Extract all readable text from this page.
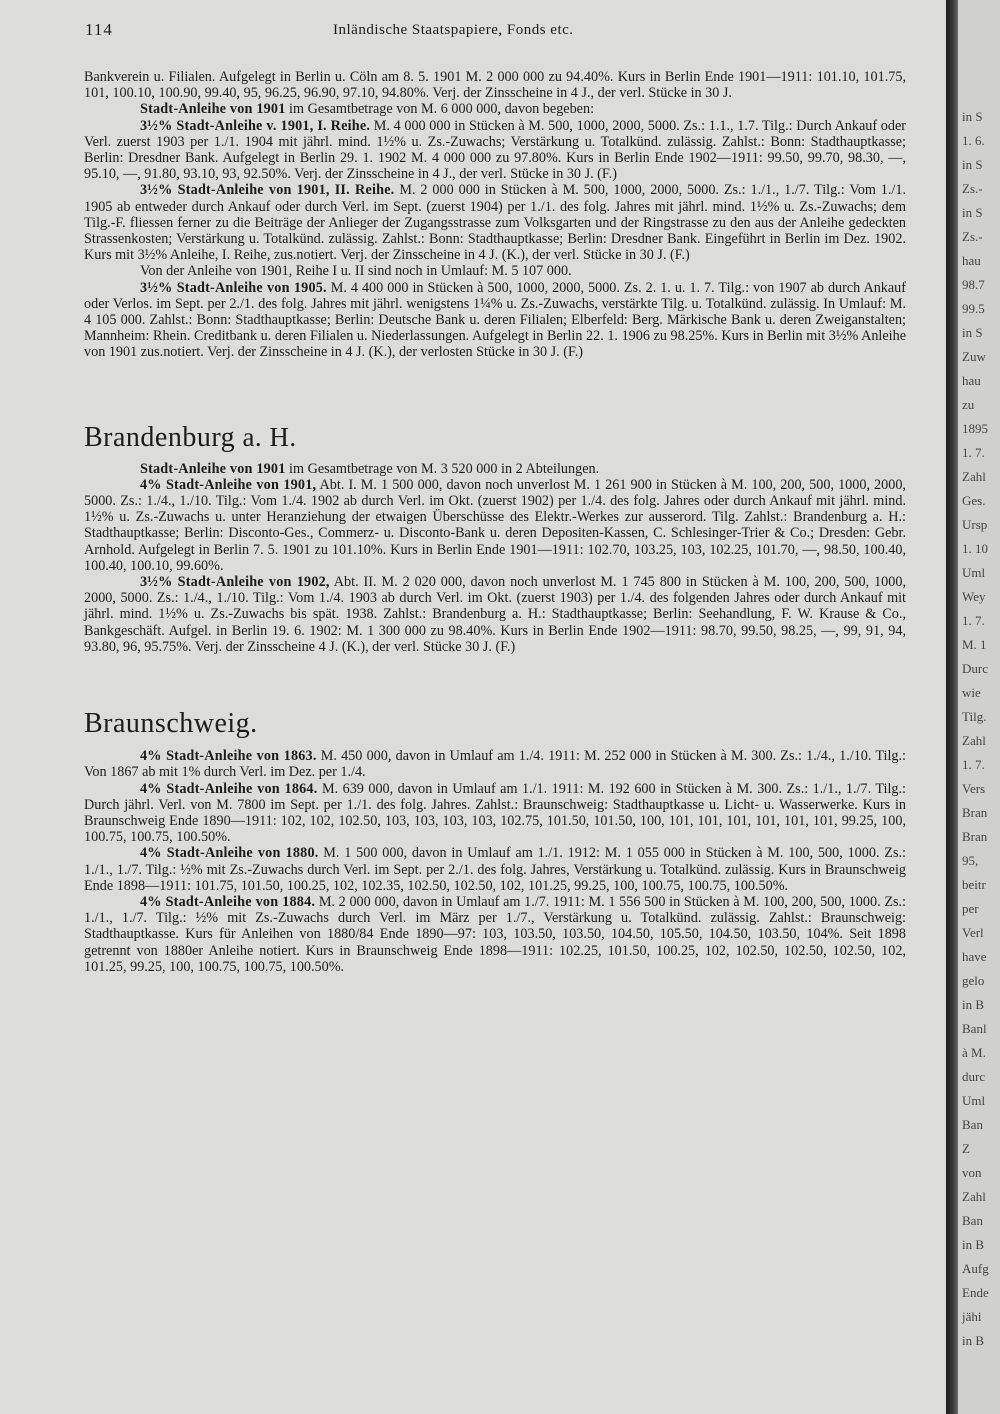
114	Inländische Staatspapiere, Fonds etc.

Bankverein u. Filialen. Aufgelegt in Berlin u. Cöln am 8. 5. 1901 M. 2 000 000 zu 94.40%. Kurs in Berlin Ende 1901—1911: 101.10, 101.75, 101, 100.10, 100.90, 99.40, 95, 96.25, 96.90, 97.10, 94.80%. Verj. der Zinsscheine in 4 J., der verl. Stücke in 30 J.

Stadt-Anleihe von 1901 im Gesamtbetrage von M. 6 000 000, davon begeben:

3½% Stadt-Anleihe v. 1901, I. Reihe. M. 4 000 000 in Stücken à M. 500, 1000, 2000, 5000. Zs.: 1.1., 1.7. Tilg.: Durch Ankauf oder Verl. zuerst 1903 per 1./1. 1904 mit jährl. mind. 1½% u. Zs.-Zuwachs; Verstärkung u. Totalkünd. zulässig. Zahlst.: Bonn: Stadthauptkasse; Berlin: Dresdner Bank. Aufgelegt in Berlin 29. 1. 1902 M. 4 000 000 zu 97.80%. Kurs in Berlin Ende 1902—1911: 99.50, 99.70, 98.30, —, 95.10, —, 91.80, 93.10, 93, 92.50%. Verj. der Zinsscheine in 4 J., der verl. Stücke in 30 J. (F.)

3½% Stadt-Anleihe von 1901, II. Reihe. M. 2 000 000 in Stücken à M. 500, 1000, 2000, 5000. Zs.: 1./1., 1./7. Tilg.: Vom 1./1. 1905 ab entweder durch Ankauf oder durch Verl. im Sept. (zuerst 1904) per 1./1. des folg. Jahres mit jährl. mind. 1½% u. Zs.-Zuwachs; dem Tilg.-F. fliessen ferner zu die Beiträge der Anlieger der Zugangsstrasse zum Volksgarten und der Ringstrasse zu den aus der Anleihe gedeckten Strassenkosten; Verstärkung u. Totalkünd. zulässig. Zahlst.: Bonn: Stadthauptkasse; Berlin: Dresdner Bank. Eingeführt in Berlin im Dez. 1902. Kurs mit 3½% Anleihe, I. Reihe, zus.notiert. Verj. der Zinsscheine in 4 J. (K.), der verl. Stücke in 30 J. (F.)

Von der Anleihe von 1901, Reihe I u. II sind noch in Umlauf: M. 5 107 000.

3½% Stadt-Anleihe von 1905. M. 4 400 000 in Stücken à 500, 1000, 2000, 5000. Zs. 2. 1. u. 1. 7. Tilg.: von 1907 ab durch Ankauf oder Verlos. im Sept. per 2./1. des folg. Jahres mit jährl. wenigstens 1¼% u. Zs.-Zuwachs, verstärkte Tilg. u. Totalkünd. zulässig. In Umlauf: M. 4 105 000. Zahlst.: Bonn: Stadthauptkasse; Berlin: Deutsche Bank u. deren Filialen; Elberfeld: Berg. Märkische Bank u. deren Zweiganstalten; Mannheim: Rhein. Creditbank u. deren Filialen u. Niederlassungen. Aufgelegt in Berlin 22. 1. 1906 zu 98.25%. Kurs in Berlin mit 3½% Anleihe von 1901 zus.notiert. Verj. der Zinsscheine in 4 J. (K.), der verlosten Stücke in 30 J. (F.)

Brandenburg a. H.

Stadt-Anleihe von 1901 im Gesamtbetrage von M. 3 520 000 in 2 Abteilungen.

4% Stadt-Anleihe von 1901, Abt. I. M. 1 500 000, davon noch unverlost M. 1 261 900 in Stücken à M. 100, 200, 500, 1000, 2000, 5000. Zs.: 1./4., 1./10. Tilg.: Vom 1./4. 1902 ab durch Verl. im Okt. (zuerst 1902) per 1./4. des folg. Jahres oder durch Ankauf mit jährl. mind. 1½% u. Zs.-Zuwachs u. unter Heranziehung der etwaigen Überschüsse des Elektr.-Werkes zur ausserord. Tilg. Zahlst.: Brandenburg a. H.: Stadthauptkasse; Berlin: Disconto-Ges., Commerz- u. Disconto-Bank u. deren Depositen-Kassen, C. Schlesinger-Trier & Co.; Dresden: Gebr. Arnhold. Aufgelegt in Berlin 7. 5. 1901 zu 101.10%. Kurs in Berlin Ende 1901—1911: 102.70, 103.25, 103, 102.25, 101.70, —, 98.50, 100.40, 100.40, 100.10, 99.60%.

3½% Stadt-Anleihe von 1902, Abt. II. M. 2 020 000, davon noch unverlost M. 1 745 800 in Stücken à M. 100, 200, 500, 1000, 2000, 5000. Zs.: 1./4., 1./10. Tilg.: Vom 1./4. 1903 ab durch Verl. im Okt. (zuerst 1903) per 1./4. des folgenden Jahres oder durch Ankauf mit jährl. mind. 1½% u. Zs.-Zuwachs bis spät. 1938. Zahlst.: Brandenburg a. H.: Stadthauptkasse; Berlin: Seehandlung, F. W. Krause & Co., Bankgeschäft. Aufgel. in Berlin 19. 6. 1902: M. 1 300 000 zu 98.40%. Kurs in Berlin Ende 1902—1911: 98.70, 99.50, 98.25, —, 99, 91, 94, 93.80, 96, 95.75%. Verj. der Zinsscheine 4 J. (K.), der verl. Stücke 30 J. (F.)

Braunschweig.

4% Stadt-Anleihe von 1863. M. 450 000, davon in Umlauf am 1./4. 1911: M. 252 000 in Stücken à M. 300. Zs.: 1./4., 1./10. Tilg.: Von 1867 ab mit 1% durch Verl. im Dez. per 1./4.

4% Stadt-Anleihe von 1864. M. 639 000, davon in Umlauf am 1./1. 1911: M. 192 600 in Stücken à M. 300. Zs.: 1./1., 1./7. Tilg.: Durch jährl. Verl. von M. 7800 im Sept. per 1./1. des folg. Jahres. Zahlst.: Braunschweig: Stadthauptkasse u. Licht- u. Wasserwerke. Kurs in Braunschweig Ende 1890—1911: 102, 102, 102.50, 103, 103, 103, 103, 102.75, 101.50, 101.50, 100, 101, 101, 101, 101, 101, 101, 99.25, 100, 100.75, 100.75, 100.50%.

4% Stadt-Anleihe von 1880. M. 1 500 000, davon in Umlauf am 1./1. 1912: M. 1 055 000 in Stücken à M. 100, 500, 1000. Zs.: 1./1., 1./7. Tilg.: ½% mit Zs.-Zuwachs durch Verl. im Sept. per 2./1. des folg. Jahres, Verstärkung u. Totalkünd. zulässig. Kurs in Braunschweig Ende 1898—1911: 101.75, 101.50, 100.25, 102, 102.35, 102.50, 102.50, 102, 101.25, 99.25, 100, 100.75, 100.75, 100.50%.

4% Stadt-Anleihe von 1884. M. 2 000 000, davon in Umlauf am 1./7. 1911: M. 1 556 500 in Stücken à M. 100, 200, 500, 1000. Zs.: 1./1., 1./7. Tilg.: ½% mit Zs.-Zuwachs durch Verl. im März per 1./7., Verstärkung u. Totalkünd. zulässig. Zahlst.: Braunschweig: Stadthauptkasse. Kurs für Anleihen von 1880/84 Ende 1890—97: 103, 103.50, 103.50, 104.50, 105.50, 104.50, 103.50, 104%. Seit 1898 getrennt von 1880er Anleihe notiert. Kurs in Braunschweig Ende 1898—1911: 102.25, 101.50, 100.25, 102, 102.50, 102.50, 102.50, 102, 101.25, 99.25, 100, 100.75, 100.75, 100.50%.

in S
1. 6.
in S
Zs.-
in S
Zs.-
hau
98.7
99.5
in S
Zuw
hau
zu
1895
1. 7.
Zahl
Ges.
Ursp
1. 10
Uml
Wey
1. 7.
M. 1
Durc
wie
Tilg.
Zahl
1. 7.
Vers
Bran
Bran
95,
beitr
per
Verl
have
gelo
in B
Banl
à M.
durc
Uml
Ban
Z
von
Zahl
Ban
in B
Aufg
Ende
jähi
in B
